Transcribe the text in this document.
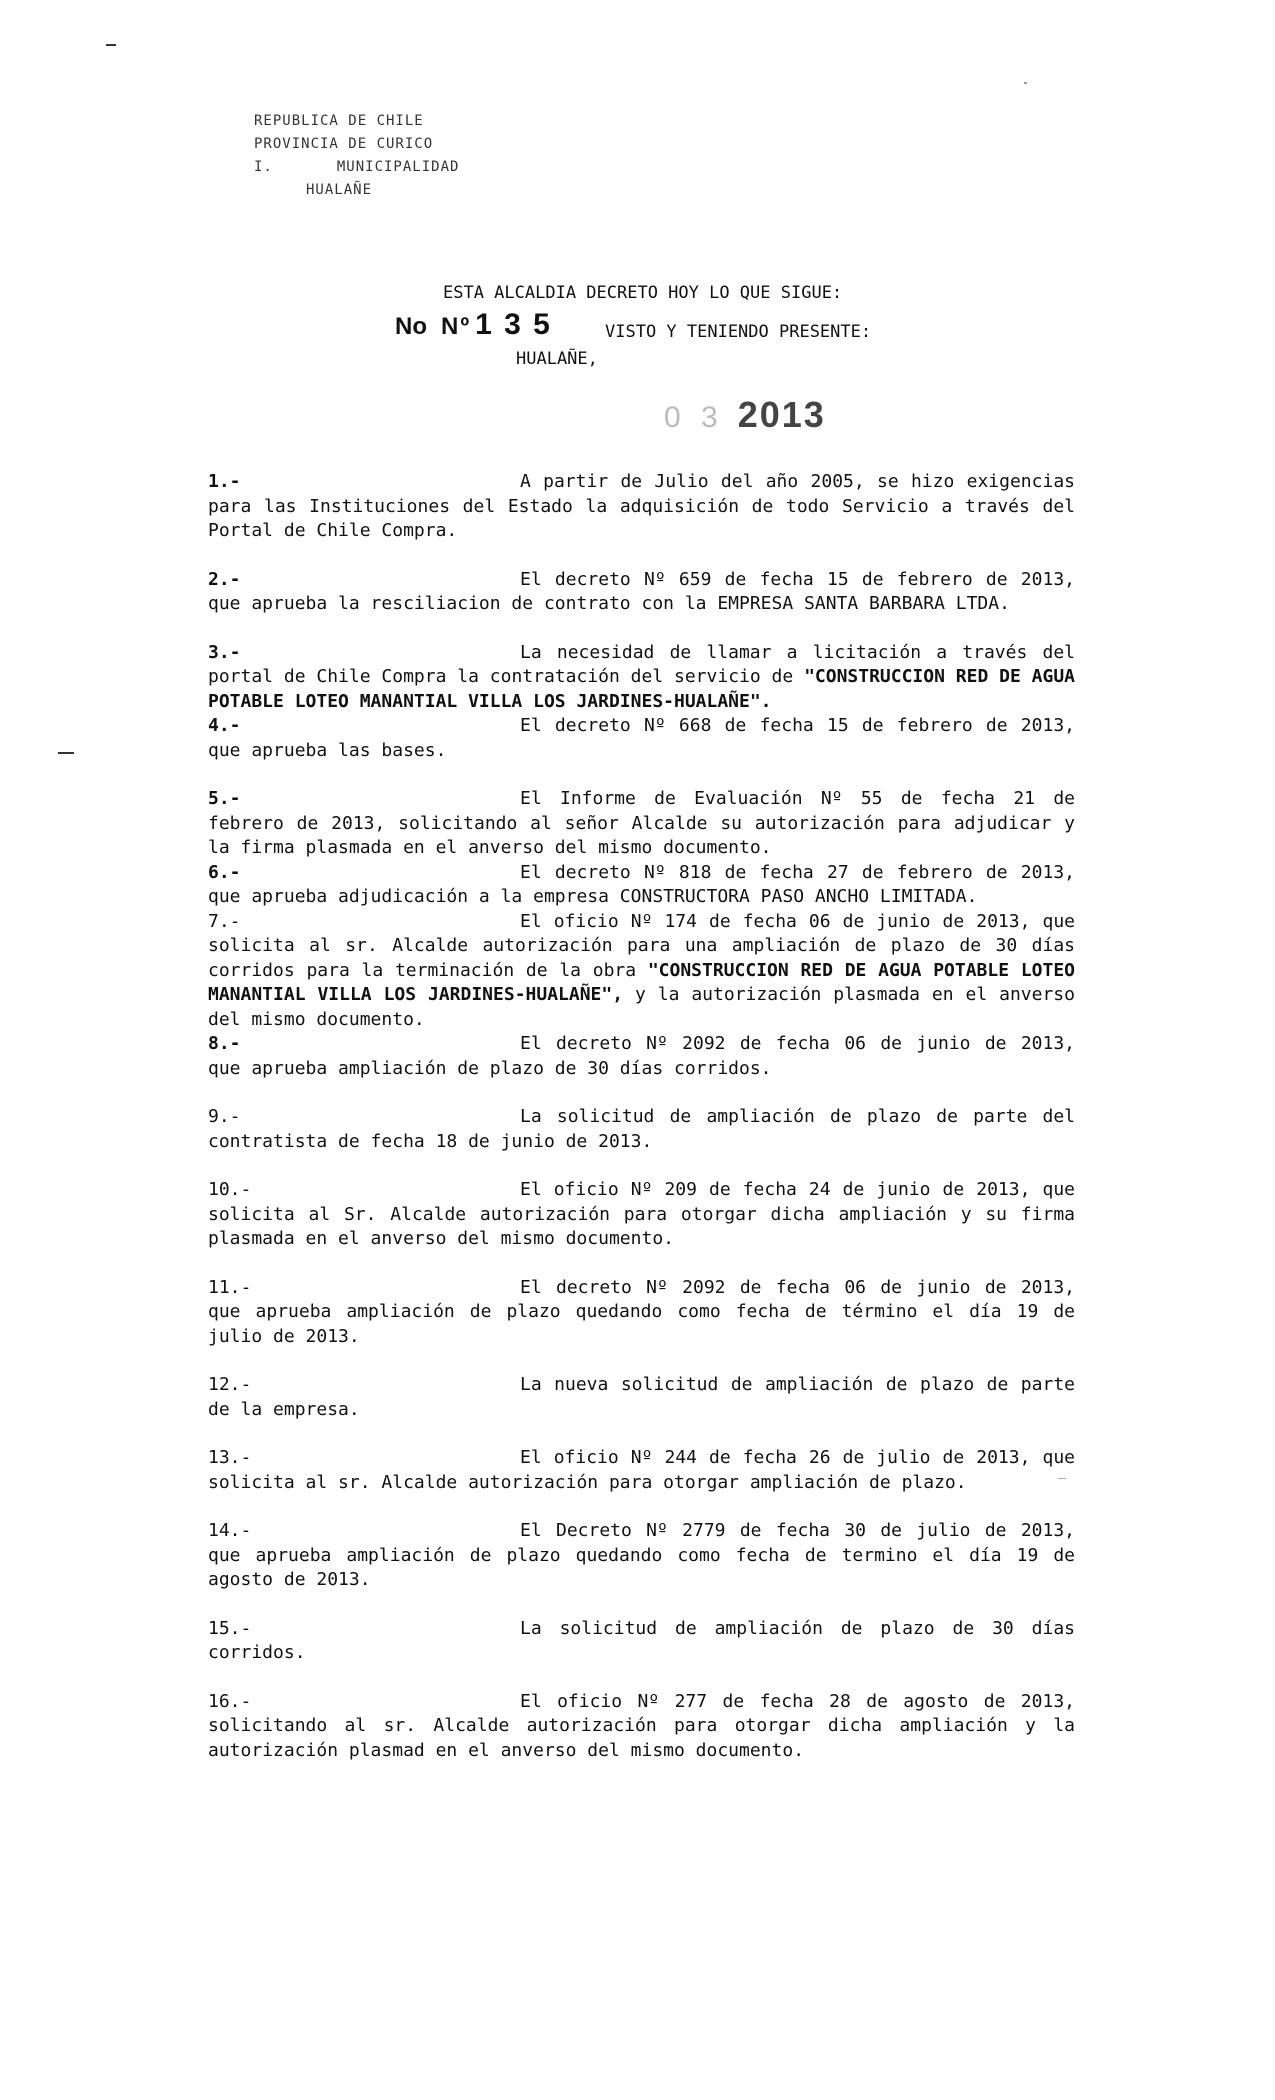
REPUBLICA DE CHILE
PROVINCIA DE CURICO
I.	MUNICIPALIDAD
HUALAÑE
ESTA ALCALDIA DECRETO HOY LO QUE SIGUE:
No Nº 1 3 5	VISTO Y TENIENDO PRESENTE:
HUALAÑE,
0 3 2013
1.-	A partir de Julio del año 2005, se hizo exigencias para las Instituciones del Estado la adquisición de todo Servicio a través del Portal de Chile Compra.
2.-	El decreto Nº 659 de fecha 15 de febrero de 2013, que aprueba la resciliacion de contrato con la EMPRESA SANTA BARBARA LTDA.
3.-	La necesidad de llamar a licitación a través del portal de Chile Compra la contratación del servicio de "CONSTRUCCION RED DE AGUA POTABLE LOTEO MANANTIAL VILLA LOS JARDINES-HUALAÑE".
4.-	El decreto Nº 668 de fecha 15 de febrero de 2013, que aprueba las bases.
5.-	El Informe de Evaluación Nº 55 de fecha 21 de febrero de 2013, solicitando al señor Alcalde su autorización para adjudicar y la firma plasmada en el anverso del mismo documento.
6.-	El decreto Nº 818 de fecha 27 de febrero de 2013, que aprueba adjudicación a la empresa CONSTRUCTORA PASO ANCHO LIMITADA.
7.-	El oficio Nº 174 de fecha 06 de junio de 2013, que solicita al sr. Alcalde autorización para una ampliación de plazo de 30 días corridos para la terminación de la obra "CONSTRUCCION RED DE AGUA POTABLE LOTEO MANANTIAL VILLA LOS JARDINES-HUALAÑE", y la autorización plasmada en el anverso del mismo documento.
8.-	El decreto Nº 2092 de fecha 06 de junio de 2013, que aprueba ampliación de plazo de 30 días corridos.
9.-	La solicitud de ampliación de plazo de parte del contratista de fecha 18 de junio de 2013.
10.-	El oficio Nº 209 de fecha 24 de junio de 2013, que solicita al Sr. Alcalde autorización para otorgar dicha ampliación y su firma plasmada en el anverso del mismo documento.
11.-	El decreto Nº 2092 de fecha 06 de junio de 2013, que aprueba ampliación de plazo quedando como fecha de término el día 19 de julio de 2013.
12.-	La nueva solicitud de ampliación de plazo de parte de la empresa.
13.-	El oficio Nº 244 de fecha 26 de julio de 2013, que solicita al sr. Alcalde autorización para otorgar ampliación de plazo.
14.-	El Decreto Nº 2779 de fecha 30 de julio de 2013, que aprueba ampliación de plazo quedando como fecha de termino el día 19 de agosto de 2013.
15.-	La solicitud de ampliación de plazo de 30 días corridos.
16.-	El oficio Nº 277 de fecha 28 de agosto de 2013, solicitando al sr. Alcalde autorización para otorgar dicha ampliación y la autorización plasmad en el anverso del mismo documento.
